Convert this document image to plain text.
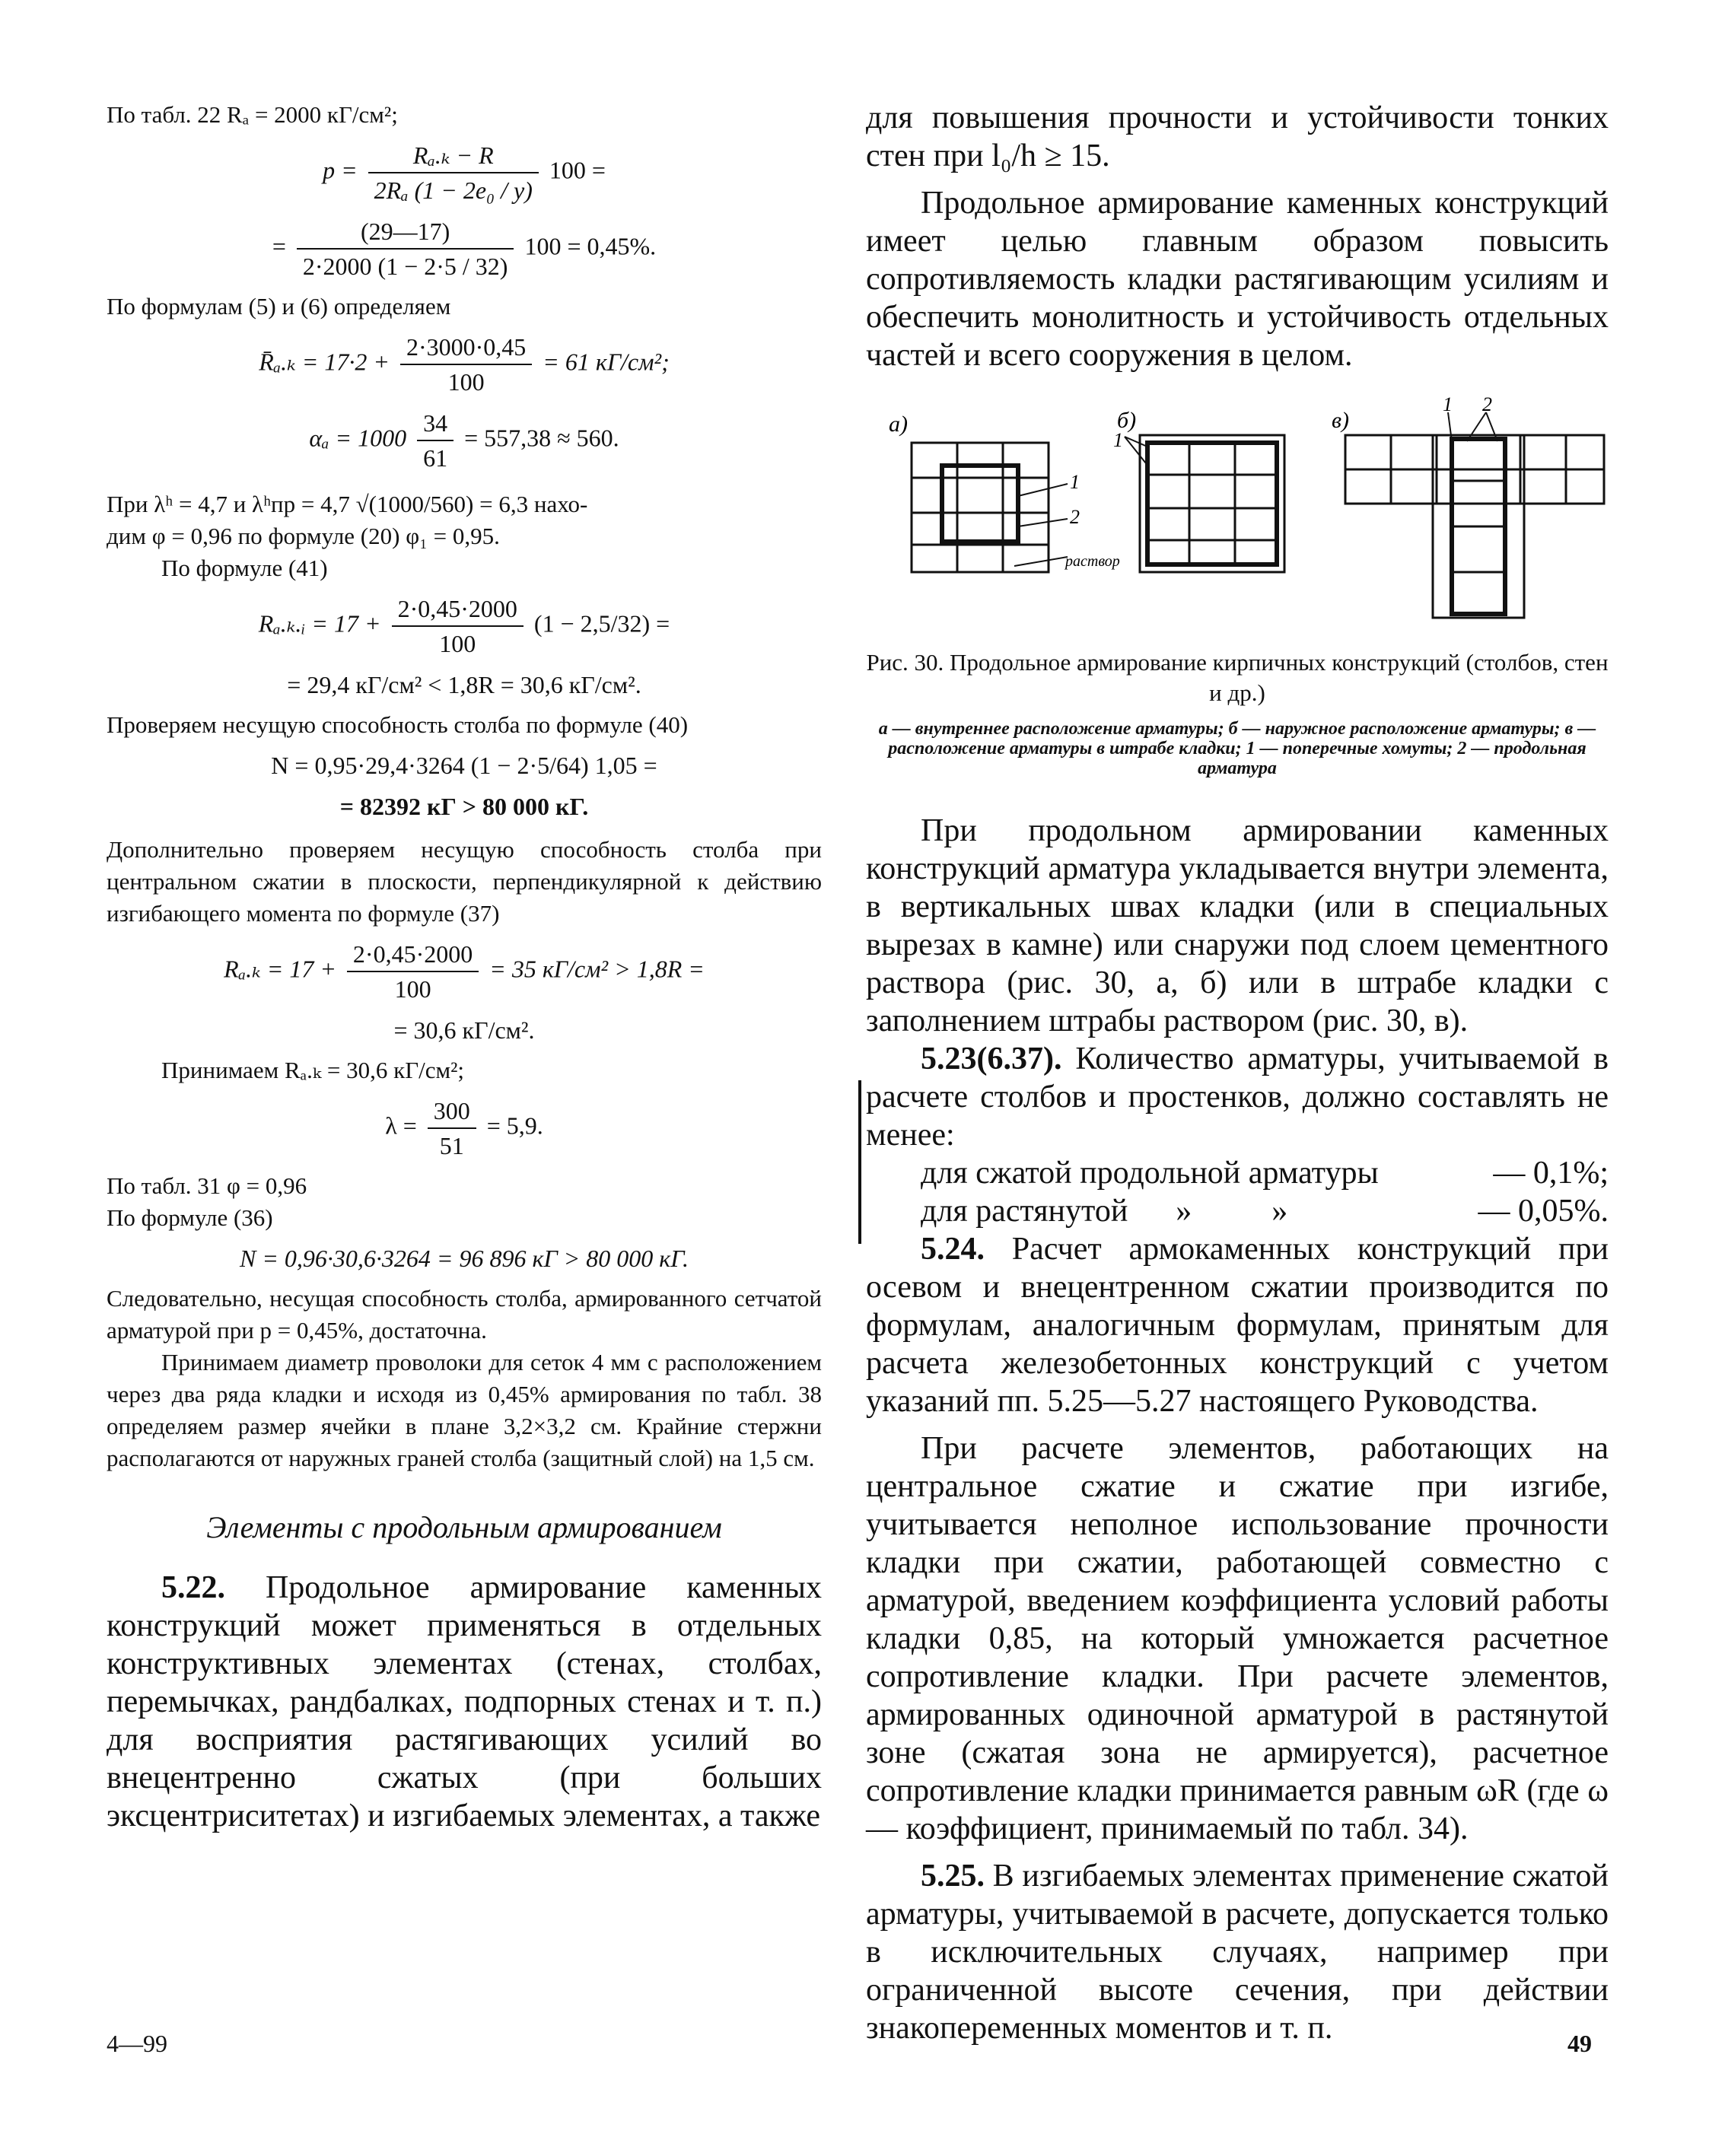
По табл. 22 Rₐ = 2000 кГ/см²;

$p = \frac{\text{Rₐ.ₖ − R}}{\text{2Rₐ (1 − 2e₀ / y)}} 100$ =
= $\frac{(29—17)}{2\cdot 2000 (1 - 2\cdot 5 / 32)} 100 = 0,45\%$.

По формулам (5) и (6) определяем

R̄ₐ.ₖ = $17\cdot 2 + \frac{2\cdot 3000\cdot 0,45}{100} = 61$ кГ/см²;
$\alpha_a = 1000 \frac{34}{61} = 557,38 \approx 560$.

При λʰ = 4,7 и λʰпр = 4,7 √(1000/560) = 6,3 нахо-

дим φ = 0,96 по формуле (20) φ₁ = 0,95.

По формуле (41)

Rₐ.ₖ.ᵢ = $17 + \frac{2\cdot 0,45\cdot 2000}{100} (1 - 2,5/32)$ =
= 29,4 кГ/см² < 1,8R = 30,6 кГ/см².

Проверяем несущую способность столба по формуле (40)

N = 0,95·29,4·3264 (1 − 2·5/64) 1,05 =
= 82392 кГ > 80 000 кГ.

Дополнительно проверяем несущую способность столба при центральном сжатии в плоскости, перпендикулярной к действию изгибающего момента по формуле (37)

$R_a._k = 17 + \frac{2\cdot 0,45\cdot 2000}{100} = 35$ кГ/см² > 1,8R =
= 30,6 кГ/см².

Принимаем Rₐ.ₖ = 30,6 кГ/см²;

$\lambda = \frac{300}{51} = 5,9$.

По табл. 31 φ = 0,96

По формуле (36)

N = 0,96·30,6·3264 = 96 896 кГ > 80 000 кГ.

Следовательно, несущая способность столба, армированного сетчатой арматурой при p = 0,45%, достаточна.

Принимаем диаметр проволоки для сеток 4 мм с расположением через два ряда кладки и исходя из 0,45% армирования по табл. 38 определяем размер ячейки в плане 3,2×3,2 см. Крайние стержни располагаются от наружных граней столба (защитный слой) на 1,5 см.

Элементы с продольным армированием

5.22. Продольное армирование каменных конструкций может применяться в отдельных конструктивных элементах (стенах, столбах, перемычках, рандбалках, подпорных стенах и т. п.) для восприятия растягивающих усилий во внецентренно сжатых (при больших эксцентриситетах) и изгибаемых элементах, а также

для повышения прочности и устойчивости тонких стен при l₀/h ≥ 15.

Продольное армирование каменных конструкций имеет целью главным образом повысить сопротивляемость кладки растягивающим усилиям и обеспечить монолитность и устойчивость отдельных частей и всего сооружения в целом.

a)	б)	в)
1
2
раствор
1
1 2

Рис. 30. Продольное армирование кирпичных конструкций (столбов, стен и др.)

а — внутреннее расположение арматуры; б — наружное расположение арматуры; в — расположение арматуры в штрабе кладки; 1 — поперечные хомуты; 2 — продольная арматура

При продольном армировании каменных конструкций арматура укладывается внутри элемента, в вертикальных швах кладки (или в специальных вырезах в камне) или снаружи под слоем цементного раствора (рис. 30, а, б) или в штрабе кладки с заполнением штрабы раствором (рис. 30, в).

5.23(6.37). Количество арматуры, учитываемой в расчете столбов и простенков, должно составлять не менее:

для сжатой продольной арматуры	— 0,1%;
для растянутой      »          »	— 0,05%.

5.24. Расчет армокаменных конструкций при осевом и внецентренном сжатии производится по формулам, аналогичным формулам, принятым для расчета железобетонных конструкций с учетом указаний пп. 5.25—5.27 настоящего Руководства.

При расчете элементов, работающих на центральное сжатие и сжатие при изгибе, учитывается неполное использование прочности кладки при сжатии, работающей совместно с арматурой, введением коэффициента условий работы кладки 0,85, на который умножается расчетное сопротивление кладки. При расчете элементов, армированных одиночной арматурой в растянутой зоне (сжатая зона не армируется), расчетное сопротивление кладки принимается равным ωR (где ω — коэффициент, принимаемый по табл. 34).

5.25. В изгибаемых элементах применение сжатой арматуры, учитываемой в расчете, допускается только в исключительных случаях, например при ограниченной высоте сечения, при действии знакопеременных моментов и т. п.

4—99	49
